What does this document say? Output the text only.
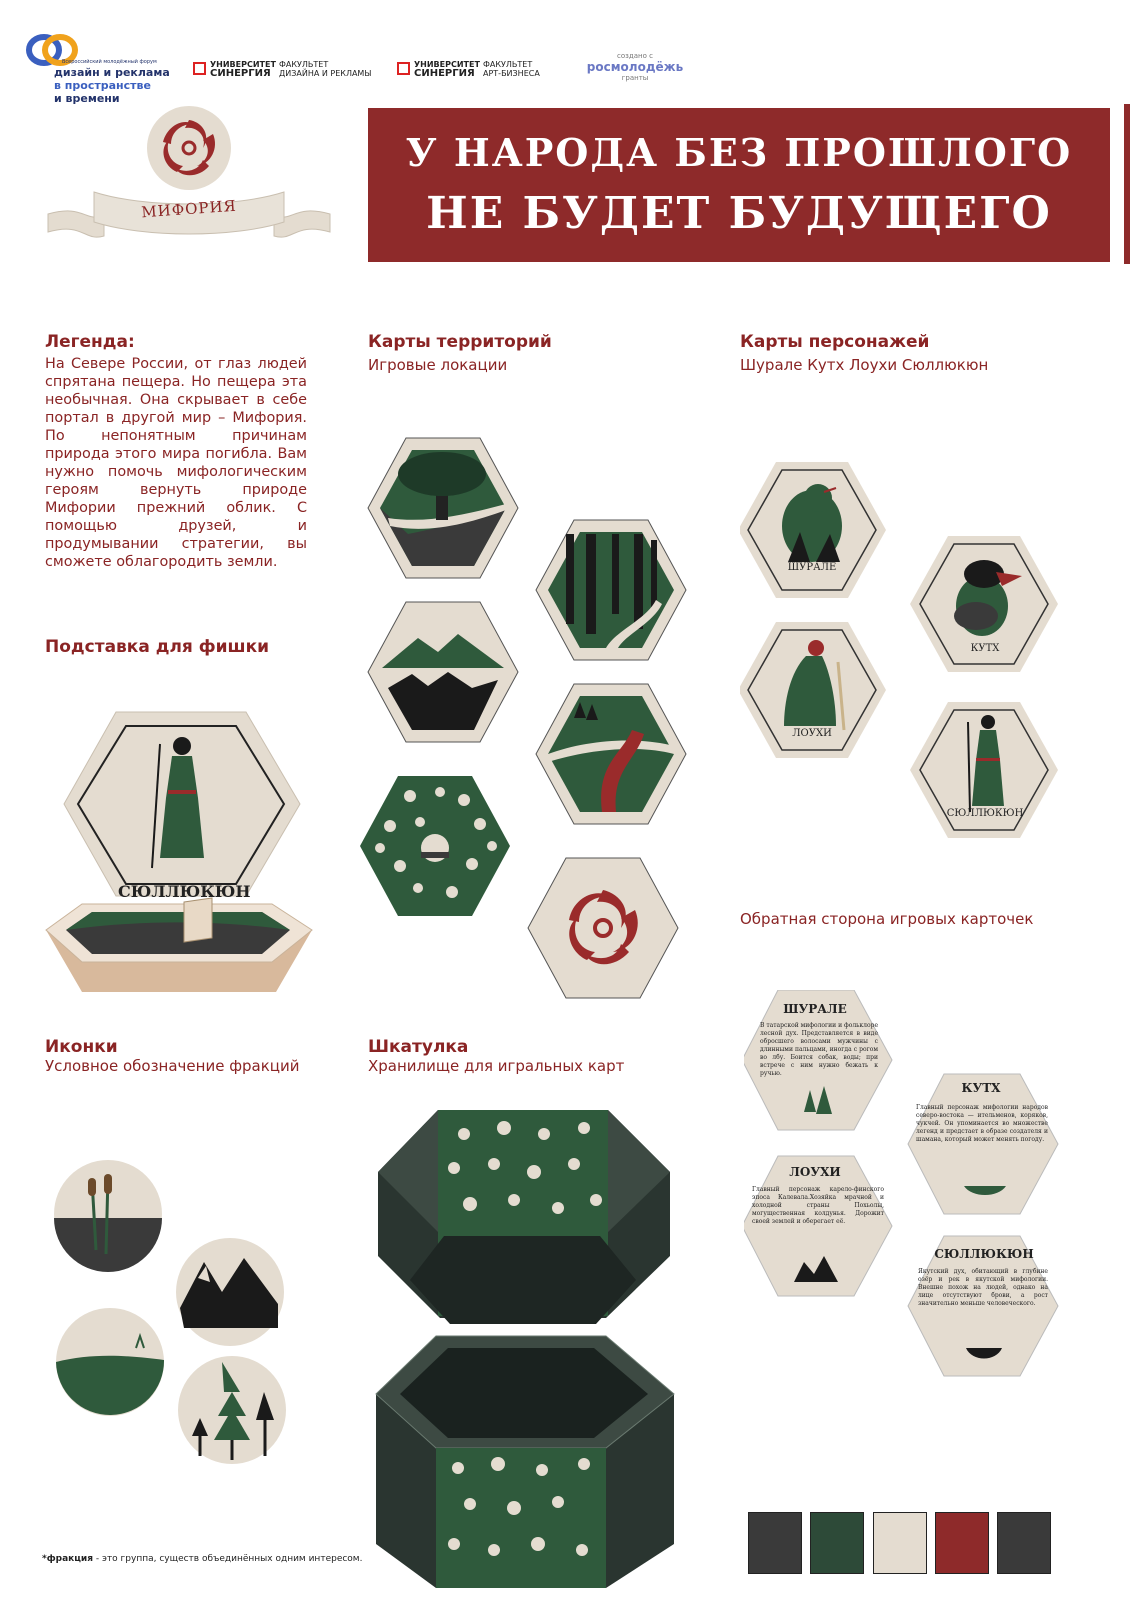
Всероссийский молодёжный форум
дизайн и реклама
в пространстве
и времени
УНИВЕРСИТЕТ
СИНЕРГИЯ
ФАКУЛЬТЕТ
ДИЗАЙНА И РЕКЛАМЫ
УНИВЕРСИТЕТ
СИНЕРГИЯ
ФАКУЛЬТЕТ
АРТ-БИЗНЕСА
создано с
росмолодёжь
гранты
МИФОРИЯ
У НАРОДА БЕЗ ПРОШЛОГО
НЕ БУДЕТ БУДУЩЕГО
Легенда:
На Севере России, от глаз людей спрятана пещера. Но пещера эта необычная. Она скрывает в себе портал в другой мир – Мифория. По непонятным причинам природа этого мира погибла. Вам нужно помочь мифологическим героям вернуть природе Мифории прежний облик. С помощью друзей, и продумывании стратегии, вы сможете облагородить земли.
Карты территорий
Игровые локации
Карты персонажей
Шурале Кутх Лоухи Сюллюкюн
ШУРАЛЕ
КУТХ
ЛОУХИ
СЮЛЛЮКЮН
Подставка для фишки
СЮЛЛЮКЮН
Обратная сторона игровых карточек
ШУРАЛЕ
В татарской мифологии и фольклоре лесной дух. Представляется в виде обросшего волосами мужчины с длинными пальцами, иногда с рогом во лбу. Боится собак, воды; при встрече с ним нужно бежать к ручью.
КУТХ
Главный персонаж мифологии народов северо-востока — ительменов, коряков, чукчей. Он упоминается во множестве легенд и предстает в образе создателя и шамана, который может менять погоду.
ЛОУХИ
Главный персонаж карело-финского эпоса Калевала.Хозяйка мрачной и холодной страны Похьолы, могущественная колдунья. Дорожит своей землей и оберегает её.
СЮЛЛЮКЮН
Якутский дух, обитающий в глубине озёр и рек в якутской мифологии. Внешне похож на людей, однако на лице отсутствуют брови, а рост значительно меньше человеческого.
Иконки
Условное обозначение фракций
Шкатулка
Хранилище для игральных карт
*фракция - это группа, существ объединённых одним интересом.
